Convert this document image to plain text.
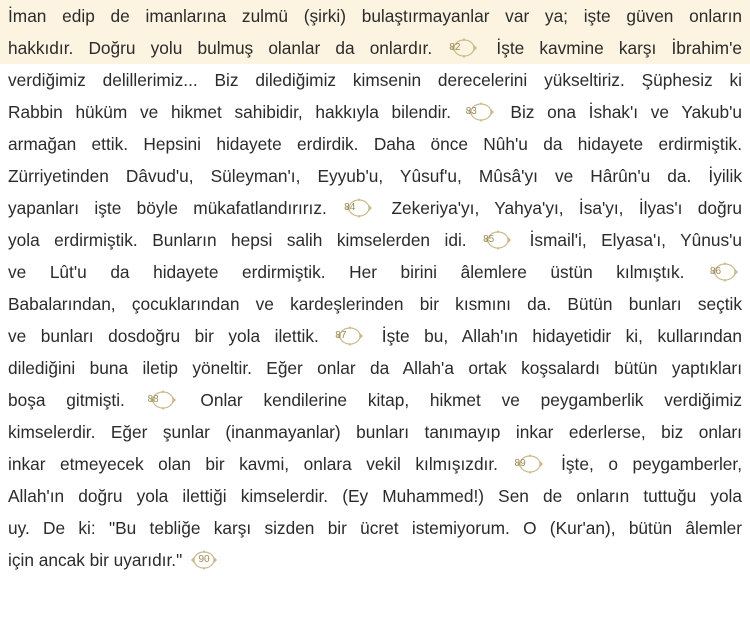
İman edip de imanlarına zulmü (şirki) bulaştırmayanlar var ya; işte güven onların
hakkıdır. Doğru yolu bulmuş olanlar da onlardır. 82	İşte kavmine karşı İbrahim'e
verdiğimiz delillerimiz... Biz dilediğimiz kimsenin derecelerini yükseltiriz. Şüphesiz ki
Rabbin hüküm ve hikmet sahibidir, hakkıyla bilendir. 83	Biz ona İshak'ı ve Yakub'u
armağan ettik. Hepsini hidayete erdirdik. Daha önce Nûh'u da hidayete erdirmiştik.
Zürriyetinden Dâvud'u, Süleyman'ı, Eyyub'u, Yûsuf'u, Mûsâ'yı ve Hârûn'u da. İyilik
yapanları işte böyle mükafatlandırırız. 84	Zekeriya'yı, Yahya'yı, İsa'yı, İlyas'ı doğru
yola erdirmiştik. Bunların hepsi salih kimselerden idi. 85	İsmail'i, Elyasa'ı, Yûnus'u
ve Lût'u da hidayete erdirmiştik. Her birini âlemlere üstün kılmıştık. 86
Babalarından, çocuklarından ve kardeşlerinden bir kısmını da. Bütün bunları seçtik
ve bunları dosdoğru bir yola ilettik. 87	İşte bu, Allah'ın hidayetidir ki, kullarından
dilediğini buna iletip yöneltir. Eğer onlar da Allah'a ortak koşsalardı bütün yaptıkları
boşa gitmişti. 88	Onlar kendilerine kitap, hikmet ve peygamberlik verdiğimiz
kimselerdir. Eğer şunlar (inanmayanlar) bunları tanımayıp inkar ederlerse, biz onları
inkar etmeyecek olan bir kavmi, onlara vekil kılmışızdır. 89	İşte, o peygamberler,
Allah'ın doğru yola ilettiği kimselerdir. (Ey Muhammed!) Sen de onların tuttuğu yola
uy. De ki: "Bu tebliğe karşı sizden bir ücret istemiyorum. O (Kur'an), bütün âlemler
için ancak bir uyarıdır."	90
